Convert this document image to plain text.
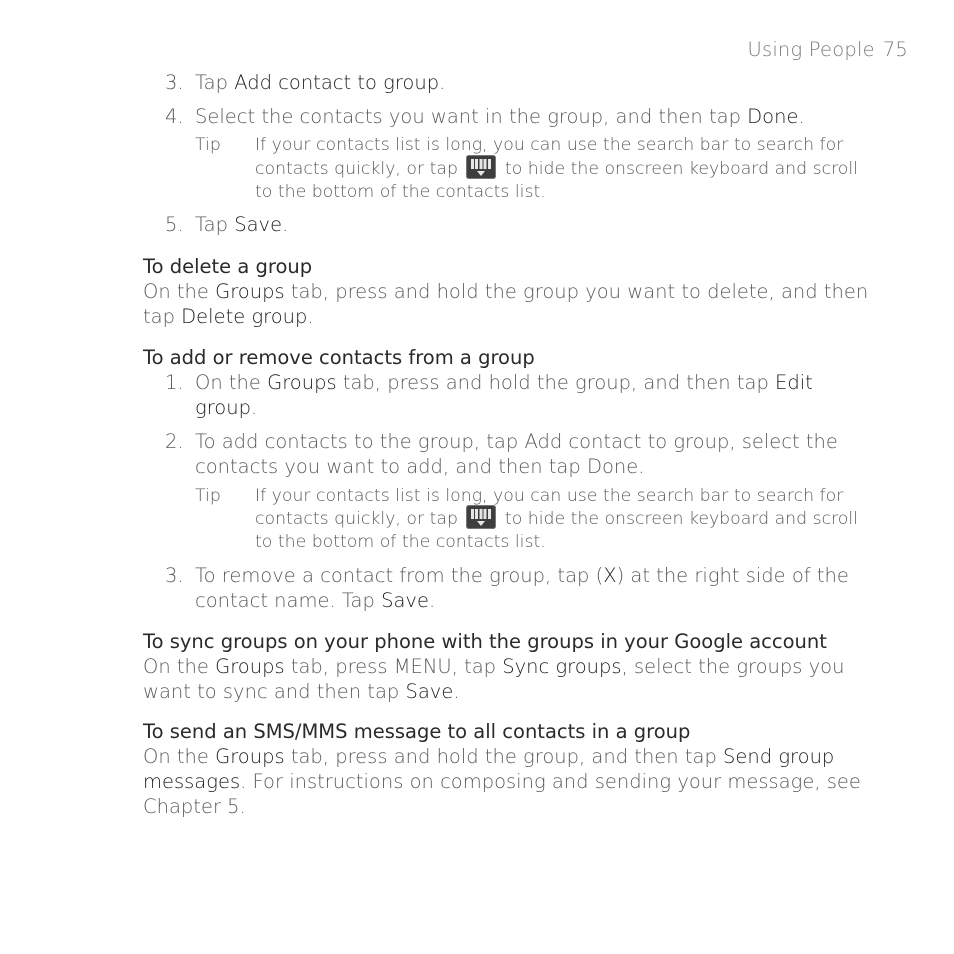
Using People 75
3. Tap Add contact to group.
4. Select the contacts you want in the group, and then tap Done.
Tip If your contacts list is long, you can use the search bar to search for contacts quickly, or tap  to hide the onscreen keyboard and scroll to the bottom of the contacts list.
5. Tap Save.
To delete a group
On the Groups tab, press and hold the group you want to delete, and then tap Delete group.
To add or remove contacts from a group
1. On the Groups tab, press and hold the group, and then tap Edit group.
2. To add contacts to the group, tap Add contact to group, select the contacts you want to add, and then tap Done.
Tip If your contacts list is long, you can use the search bar to search for contacts quickly, or tap  to hide the onscreen keyboard and scroll to the bottom of the contacts list.
3. To remove a contact from the group, tap (X) at the right side of the contact name. Tap Save.
To sync groups on your phone with the groups in your Google account
On the Groups tab, press MENU, tap Sync groups, select the groups you want to sync and then tap Save.
To send an SMS/MMS message to all contacts in a group
On the Groups tab, press and hold the group, and then tap Send group messages. For instructions on composing and sending your message, see Chapter 5.
